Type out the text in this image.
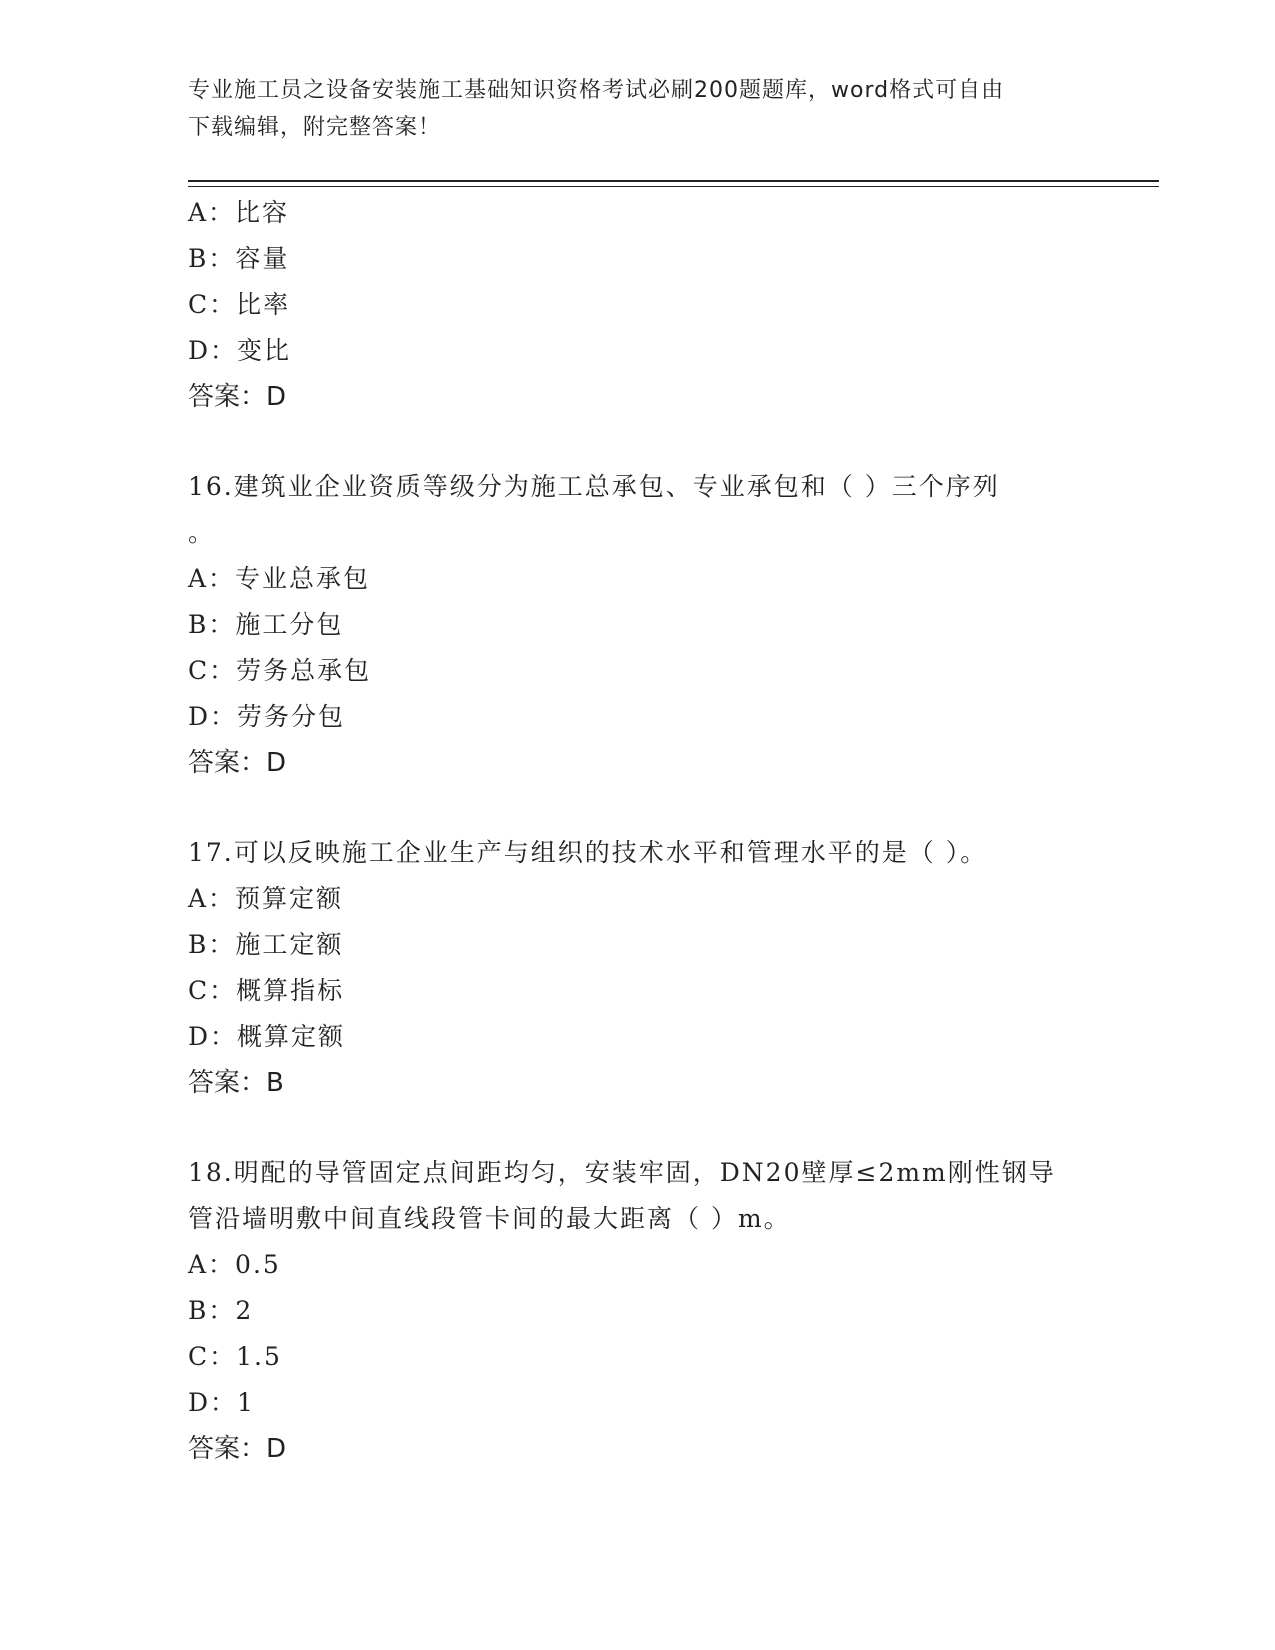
专业施工员之设备安装施工基础知识资格考试必刷200题题库，word格式可自由
下载编辑，附完整答案！
A：比容
B：容量
C：比率
D：变比
答案：D
16.建筑业企业资质等级分为施工总承包、专业承包和（ ）三个序列
。
A：专业总承包
B：施工分包
C：劳务总承包
D：劳务分包
答案：D
17.可以反映施工企业生产与组织的技术水平和管理水平的是（ ）。
A：预算定额
B：施工定额
C：概算指标
D：概算定额
答案：B
18.明配的导管固定点间距均匀，安装牢固，DN20壁厚≤2mm刚性钢导
管沿墙明敷中间直线段管卡间的最大距离（ ）m。
A：0.5
B：2
C：1.5
D：1
答案：D
